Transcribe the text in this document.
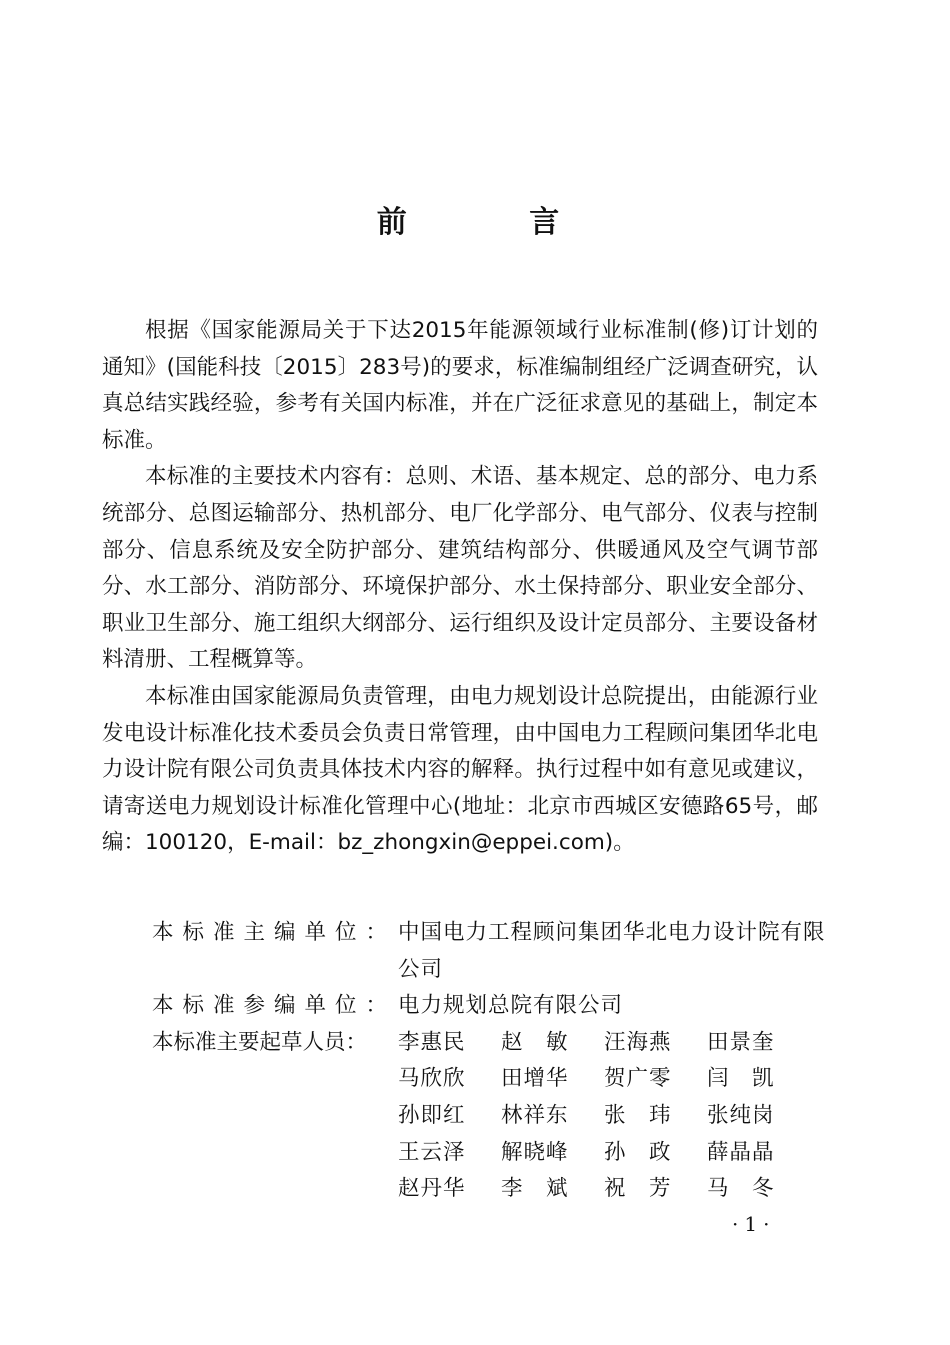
前 言

根据《国家能源局关于下达2015年能源领域行业标准制(修)订计划的通知》(国能科技〔2015〕283号)的要求，标准编制组经广泛调查研究，认真总结实践经验，参考有关国内标准，并在广泛征求意见的基础上，制定本标准。

本标准的主要技术内容有：总则、术语、基本规定、总的部分、电力系统部分、总图运输部分、热机部分、电厂化学部分、电气部分、仪表与控制部分、信息系统及安全防护部分、建筑结构部分、供暖通风及空气调节部分、水工部分、消防部分、环境保护部分、水土保持部分、职业安全部分、职业卫生部分、施工组织大纲部分、运行组织及设计定员部分、主要设备材料清册、工程概算等。

本标准由国家能源局负责管理，由电力规划设计总院提出，由能源行业发电设计标准化技术委员会负责日常管理，由中国电力工程顾问集团华北电力设计院有限公司负责具体技术内容的解释。执行过程中如有意见或建议，请寄送电力规划设计标准化管理中心(地址：北京市西城区安德路65号，邮编：100120，E-mail：bz_zhongxin@eppei.com)。

本标准主编单位： 中国电力工程顾问集团华北电力设计院有限公司
本标准参编单位： 电力规划总院有限公司
本标准主要起草人员：	李惠民	赵　敏	汪海燕	田景奎
马欣欣	田增华	贺广零	闫　凯
孙即红	林祥东	张　玮	张纯岗
王云泽	解晓峰	孙　政	薛晶晶
赵丹华	李　斌	祝　芳	马　冬
·1·
